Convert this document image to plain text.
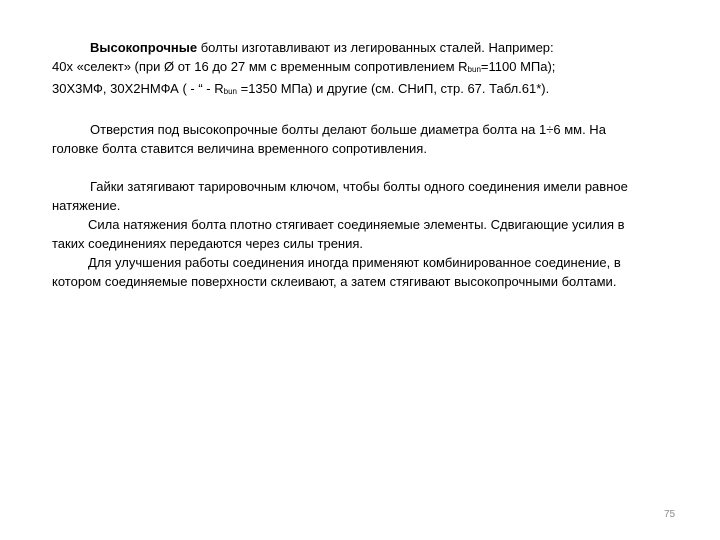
Высокопрочные болты изготавливают из легированных сталей. Например:
40х «селект» (при Ø от 16 до 27 мм с временным сопротивлением Rbun=1100 МПа);
30Х3МФ, 30Х2НМФА ( - “ - Rbun =1350 МПа) и другие (см. СНиП, стр. 67. Табл.61*).
Отверстия под высокопрочные болты делают больше диаметра болта на 1÷6 мм. На
головке болта ставится величина временного сопротивления.
Гайки затягивают тарировочным ключом, чтобы болты одного соединения имели равное
натяжение.
Сила натяжения болта плотно стягивает соединяемые элементы. Сдвигающие усилия в
таких соединениях передаются через силы трения.
Для улучшения работы соединения иногда применяют комбинированное соединение, в
котором соединяемые поверхности склеивают, а затем стягивают высокопрочными болтами.
75
